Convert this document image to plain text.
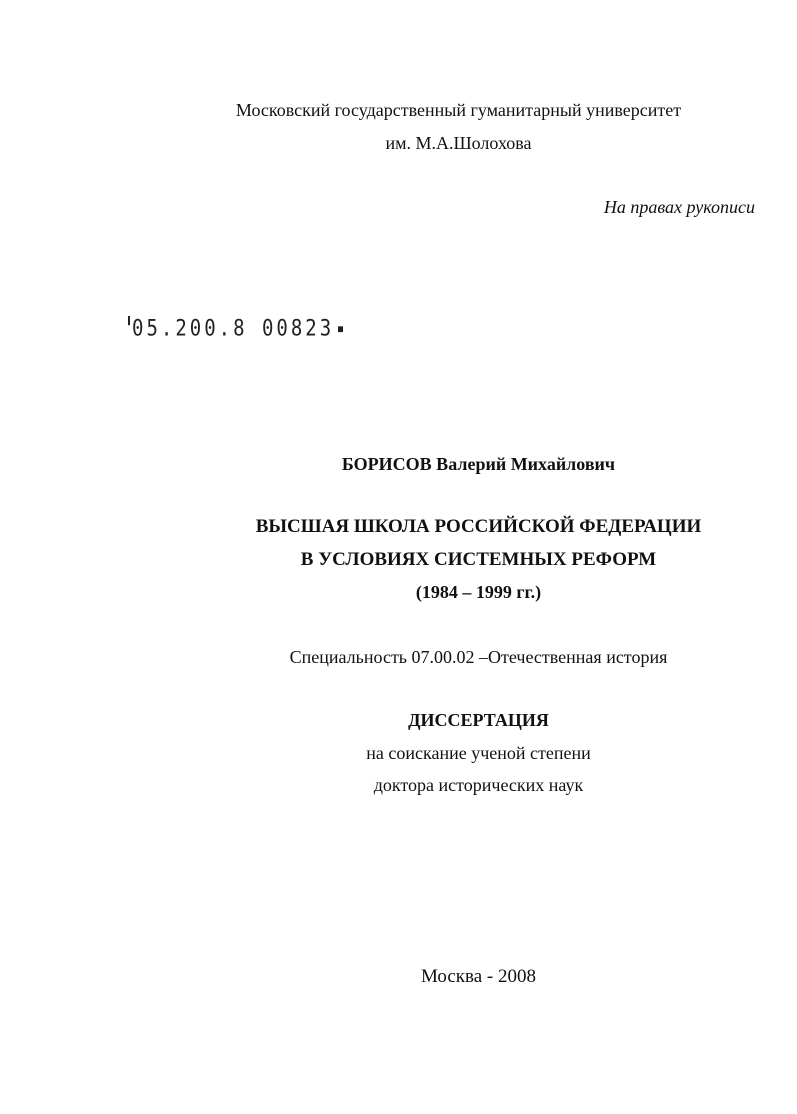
Московский государственный гуманитарный университет
им. М.А.Шолохова
На правах рукописи
05.200.8 00823
БОРИСОВ Валерий Михайлович
ВЫСШАЯ ШКОЛА РОССИЙСКОЙ ФЕДЕРАЦИИ
В УСЛОВИЯХ СИСТЕМНЫХ РЕФОРМ
(1984 – 1999 гг.)
Специальность 07.00.02 –Отечественная история
ДИССЕРТАЦИЯ
на соискание ученой степени
доктора исторических наук
Москва - 2008
